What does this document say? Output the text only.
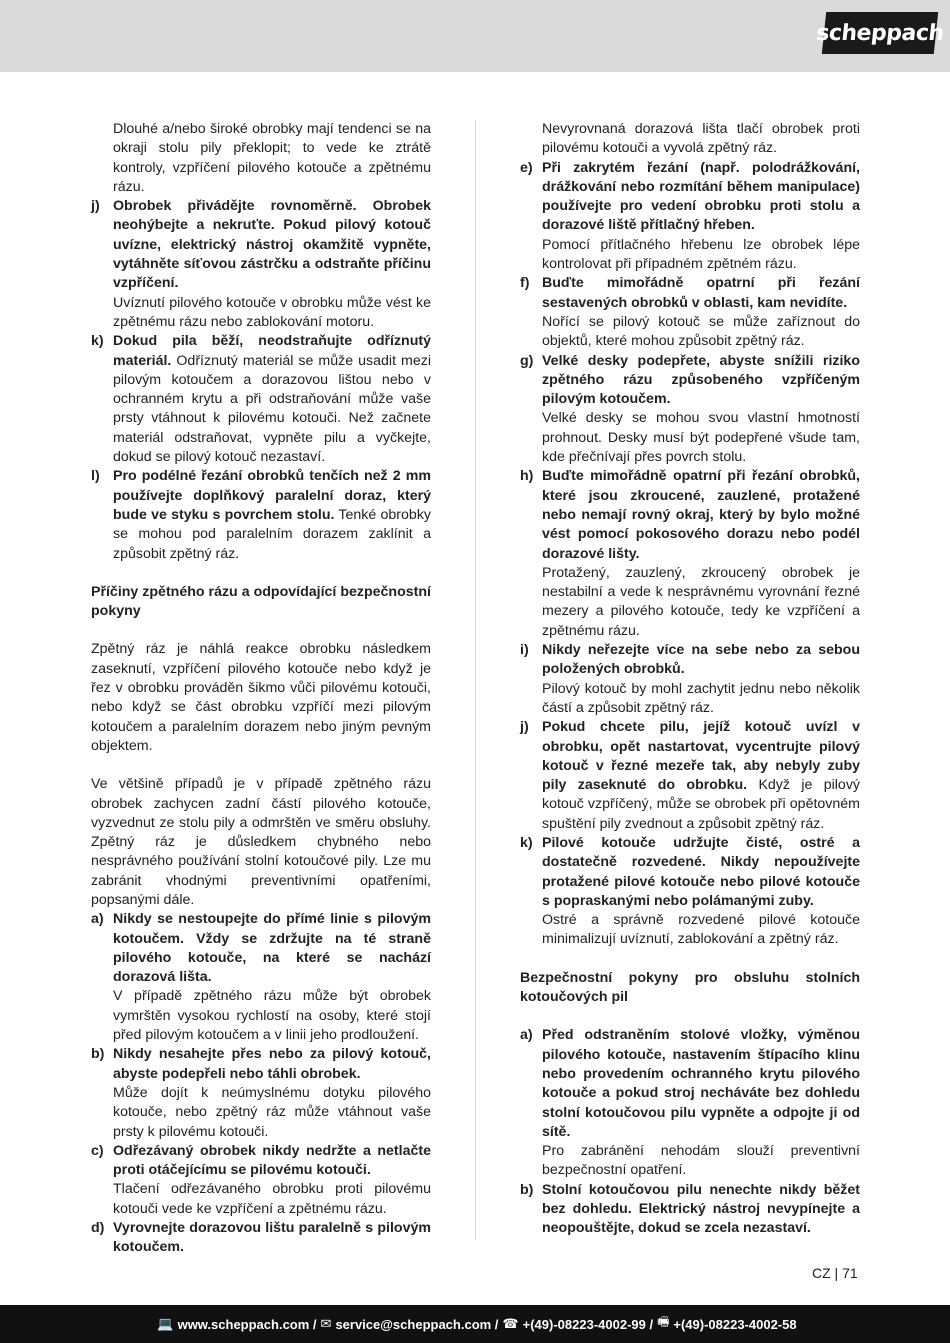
scheppach

Dlouhé a/nebo široké obrobky mají tendenci se na okraji stolu pily překlopit; to vede ke ztrátě kontroly, vzpříčení pilového kotouče a zpětnému rázu.

j) Obrobek přivádějte rovnoměrně. Obrobek neohýbejte a nekruťte. Pokud pilový kotouč uvízne, elektrický nástroj okamžitě vypněte, vytáhněte síťovou zástrčku a odstraňte příčinu vzpříčení.

Uvíznutí pilového kotouče v obrobku může vést ke zpětnému rázu nebo zablokování motoru.

k) Dokud pila běží, neodstraňujte odříznutý materiál. Odříznutý materiál se může usadit mezi pilovým kotoučem a dorazovou lištou nebo v ochranném krytu a při odstraňování může vaše prsty vtáhnout k pilovému kotouči. Než začnete materiál odstraňovat, vypněte pilu a vyčkejte, dokud se pilový kotouč nezastaví.
l) Pro podélné řezání obrobků tenčích než 2 mm používejte doplňkový paralelní doraz, který bude ve styku s povrchem stolu. Tenké obrobky se mohou pod paralelním dorazem zaklínit a způsobit zpětný ráz.

Příčiny zpětného rázu a odpovídající bezpečnostní pokyny

Zpětný ráz je náhlá reakce obrobku následkem zaseknutí, vzpříčení pilového kotouče nebo když je řez v obrobku prováděn šikmo vůči pilovému kotouči, nebo když se část obrobku vzpříčí mezi pilovým kotoučem a paralelním dorazem nebo jiným pevným objektem.

Ve většině případů je v případě zpětného rázu obrobek zachycen zadní částí pilového kotouče, vyzvednut ze stolu pily a odmrštěn ve směru obsluhy. Zpětný ráz je důsledkem chybného nebo nesprávného používání stolní kotoučové pily. Lze mu zabránit vhodnými preventivními opatřeními, popsanými dále.

a) Nikdy se nestoupejte do přímé linie s pilovým kotoučem. Vždy se zdržujte na té straně pilového kotouče, na které se nachází dorazová lišta.

V případě zpětného rázu může být obrobek vymrštěn vysokou rychlostí na osoby, které stojí před pilovým kotoučem a v linii jeho prodloužení.

b) Nikdy nesahejte přes nebo za pilový kotouč, abyste podepřeli nebo táhli obrobek.

Může dojít k neúmyslnému dotyku pilového kotouče, nebo zpětný ráz může vtáhnout vaše prsty k pilovému kotouči.

c) Odřezávaný obrobek nikdy nedržte a netlačte proti otáčejícímu se pilovému kotouči.

Tlačení odřezávaného obrobku proti pilovému kotouči vede ke vzpříčení a zpětnému rázu.

d) Vyrovnejte dorazovou lištu paralelně s pilovým kotoučem.

Nevyrovnaná dorazová lišta tlačí obrobek proti pilovému kotouči a vyvolá zpětný ráz.

e) Při zakrytém řezání (např. polodrážkování, drážkování nebo rozmítání během manipulace) používejte pro vedení obrobku proti stolu a dorazové liště přítlačný hřeben.

Pomocí přítlačného hřebenu lze obrobek lépe kontrolovat při případném zpětném rázu.

f) Buďte mimořádně opatrní při řezání sestavených obrobků v oblasti, kam nevidíte.

Nořící se pilový kotouč se může zaříznout do objektů, které mohou způsobit zpětný ráz.

g) Velké desky podepřete, abyste snížili riziko zpětného rázu způsobeného vzpříčeným pilovým kotoučem.

Velké desky se mohou svou vlastní hmotností prohnout. Desky musí být podepřené všude tam, kde přečnívají přes povrch stolu.

h) Buďte mimořádně opatrní při řezání obrobků, které jsou zkroucené, zauzlené, protažené nebo nemají rovný okraj, který by bylo možné vést pomocí pokosového dorazu nebo podél dorazové lišty.

Protažený, zauzlený, zkroucený obrobek je nestabilní a vede k nesprávnému vyrovnání řezné mezery a pilového kotouče, tedy ke vzpříčení a zpětnému rázu.

i) Nikdy neřezejte více na sebe nebo za sebou položených obrobků.

Pilový kotouč by mohl zachytit jednu nebo několik částí a způsobit zpětný ráz.

j) Pokud chcete pilu, jejíž kotouč uvízl v obrobku, opět nastartovat, vycentrujte pilový kotouč v řezné mezeře tak, aby nebyly zuby pily zaseknuté do obrobku. Když je pilový kotouč vzpříčený, může se obrobek při opětovném spuštění pily zvednout a způsobit zpětný ráz.
k) Pilové kotouče udržujte čisté, ostré a dostatečně rozvedené. Nikdy nepoužívejte protažené pilové kotouče nebo pilové kotouče s popraskanými nebo polámanými zuby.

Ostré a správně rozvedené pilové kotouče minimalizují uvíznutí, zablokování a zpětný ráz.

Bezpečnostní pokyny pro obsluhu stolních kotoučových pil

a) Před odstraněním stolové vložky, výměnou pilového kotouče, nastavením štípacího klinu nebo provedením ochranného krytu pilového kotouče a pokud stroj necháváte bez dohledu stolní kotoučovou pilu vypněte a odpojte ji od sítě.

Pro zabránění nehodám slouží preventivní bezpečnostní opatření.

b) Stolní kotoučovou pilu nenechte nikdy běžet bez dohledu. Elektrický nástroj nevypínejte a neopouštějte, dokud se zcela nezastaví.
CZ | 71
💻 www.scheppach.com / ✉ service@scheppach.com / ☎ +(49)-08223-4002-99 / 🖷 +(49)-08223-4002-58
